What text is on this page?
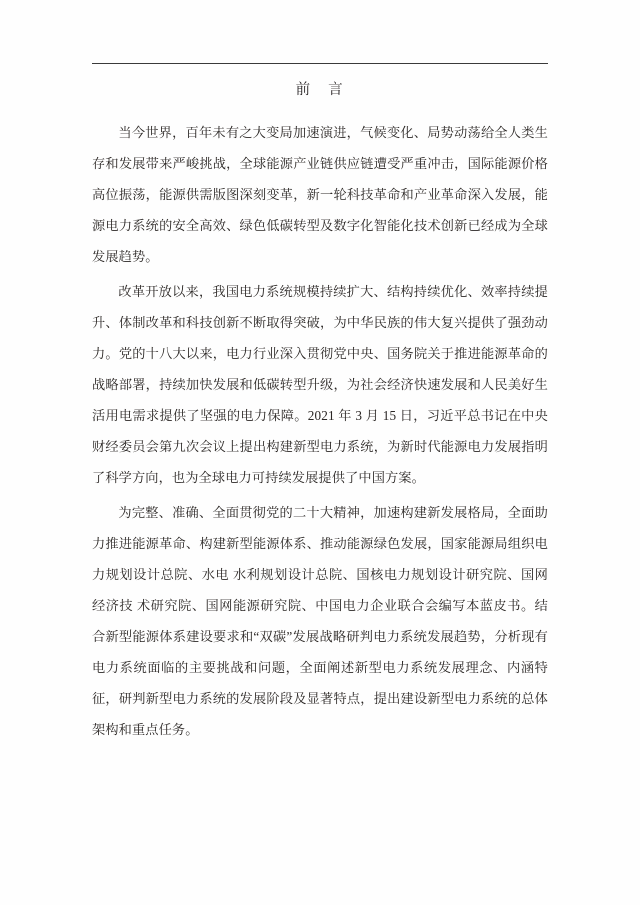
前　言

当今世界，百年未有之大变局加速演进，气候变化、局势动荡给全人类生存和发展带来严峻挑战，全球能源产业链供应链遭受严重冲击，国际能源价格高位振荡，能源供需版图深刻变革，新一轮科技革命和产业革命深入发展，能源电力系统的安全高效、绿色低碳转型及数字化智能化技术创新已经成为全球发展趋势。

改革开放以来，我国电力系统规模持续扩大、结构持续优化、效率持续提升、体制改革和科技创新不断取得突破，为中华民族的伟大复兴提供了强劲动力。党的十八大以来，电力行业深入贯彻党中央、国务院关于推进能源革命的战略部署，持续加快发展和低碳转型升级，为社会经济快速发展和人民美好生活用电需求提供了坚强的电力保障。2021 年 3 月 15 日，习近平总书记在中央财经委员会第九次会议上提出构建新型电力系统，为新时代能源电力发展指明了科学方向，也为全球电力可持续发展提供了中国方案。

为完整、准确、全面贯彻党的二十大精神，加速构建新发展格局，全面助力推进能源革命、构建新型能源体系、推动能源绿色发展，国家能源局组织电力规划设计总院、水电 水利规划设计总院、国核电力规划设计研究院、国网经济技 术研究院、国网能源研究院、中国电力企业联合会编写本蓝皮书。结合新型能源体系建设要求和“双碳”发展战略研判电力系统发展趋势，分析现有电力系统面临的主要挑战和问题，全面阐述新型电力系统发展理念、内涵特征，研判新型电力系统的发展阶段及显著特点，提出建设新型电力系统的总体架构和重点任务。
